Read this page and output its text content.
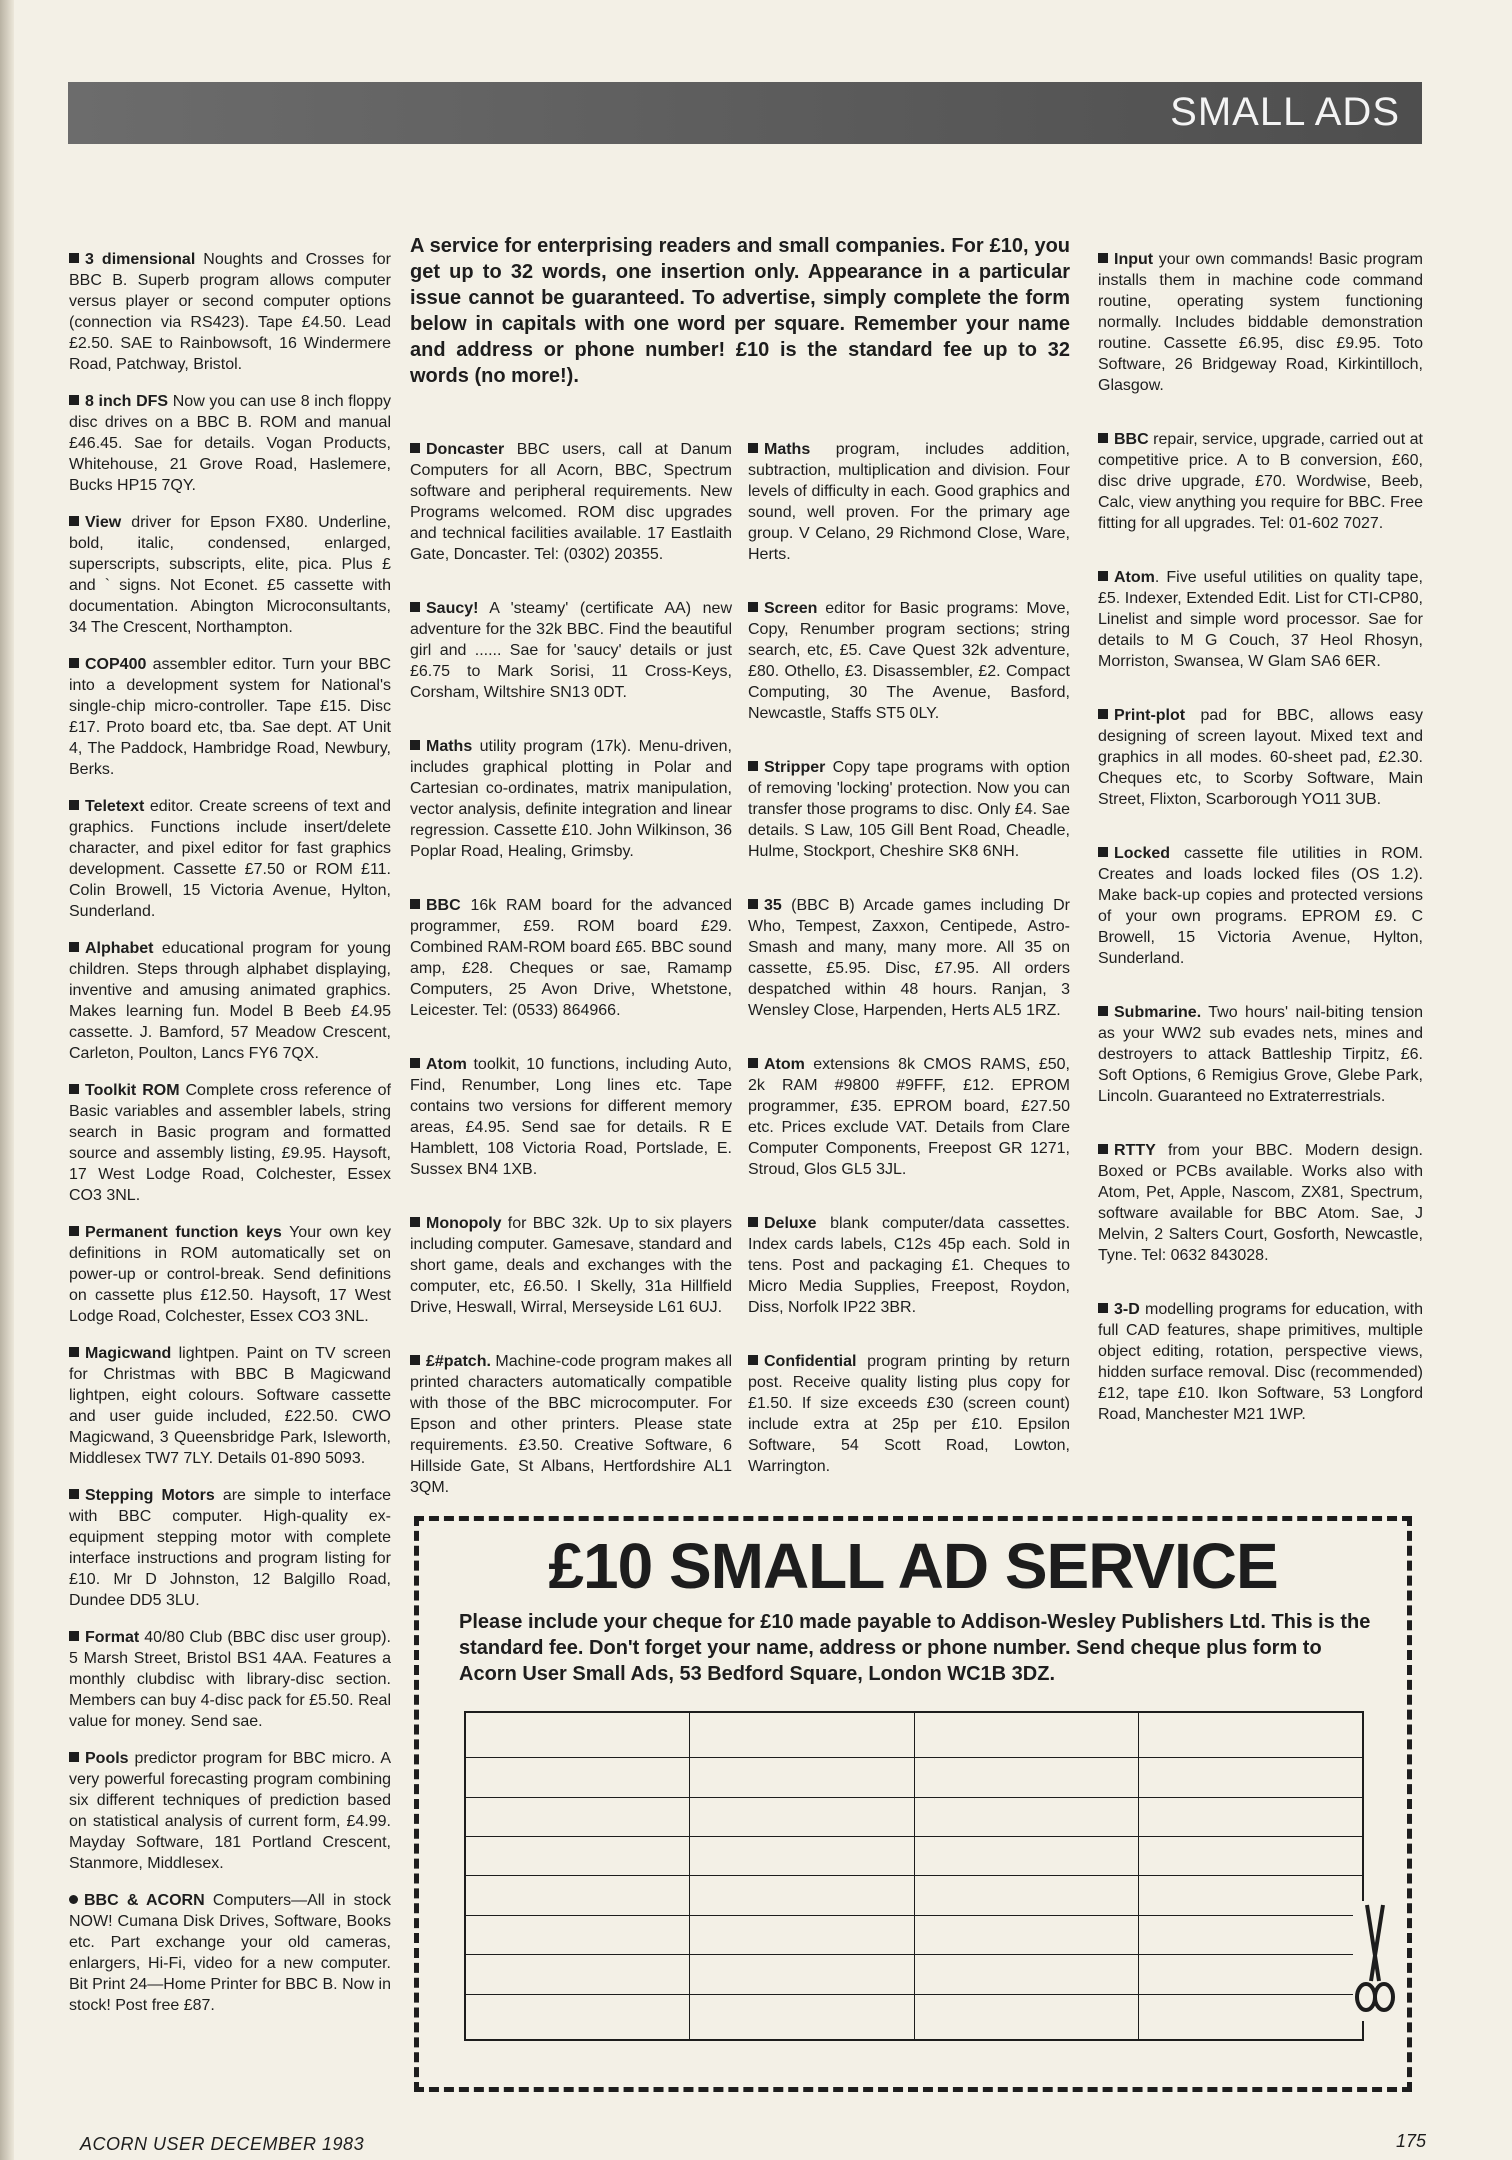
SMALL ADS

3 dimensional Noughts and Crosses for BBC B. Superb program allows computer versus player or second computer options (connection via RS423). Tape £4.50. Lead £2.50. SAE to Rainbowsoft, 16 Windermere Road, Patchway, Bristol.

8 inch DFS Now you can use 8 inch floppy disc drives on a BBC B. ROM and manual £46.45. Sae for details. Vogan Products, Whitehouse, 21 Grove Road, Haslemere, Bucks HP15 7QY.

View driver for Epson FX80. Underline, bold, italic, condensed, enlarged, superscripts, subscripts, elite, pica. Plus £ and ` signs. Not Econet. £5 cassette with documentation. Abington Microconsultants, 34 The Crescent, Northampton.

COP400 assembler editor. Turn your BBC into a development system for National's single-chip micro-controller. Tape £15. Disc £17. Proto board etc, tba. Sae dept. AT Unit 4, The Paddock, Hambridge Road, Newbury, Berks.

Teletext editor. Create screens of text and graphics. Functions include insert/delete character, and pixel editor for fast graphics development. Cassette £7.50 or ROM £11. Colin Browell, 15 Victoria Avenue, Hylton, Sunderland.

Alphabet educational program for young children. Steps through alphabet displaying, inventive and amusing animated graphics. Makes learning fun. Model B Beeb £4.95 cassette. J. Bamford, 57 Meadow Crescent, Carleton, Poulton, Lancs FY6 7QX.

Toolkit ROM Complete cross reference of Basic variables and assembler labels, string search in Basic program and formatted source and assembly listing, £9.95. Haysoft, 17 West Lodge Road, Colchester, Essex CO3 3NL.

Permanent function keys Your own key definitions in ROM automatically set on power-up or control-break. Send definitions on cassette plus £12.50. Haysoft, 17 West Lodge Road, Colchester, Essex CO3 3NL.

Magicwand lightpen. Paint on TV screen for Christmas with BBC B Magicwand lightpen, eight colours. Software cassette and user guide included, £22.50. CWO Magicwand, 3 Queensbridge Park, Isleworth, Middlesex TW7 7LY. Details 01-890 5093.

Stepping Motors are simple to interface with BBC computer. High-quality ex-equipment stepping motor with complete interface instructions and program listing for £10. Mr D Johnston, 12 Balgillo Road, Dundee DD5 3LU.

Format 40/80 Club (BBC disc user group). 5 Marsh Street, Bristol BS1 4AA. Features a monthly clubdisc with library-disc section. Members can buy 4-disc pack for £5.50. Real value for money. Send sae.

Pools predictor program for BBC micro. A very powerful forecasting program combining six different techniques of prediction based on statistical analysis of current form, £4.99. Mayday Software, 181 Portland Crescent, Stanmore, Middlesex.

BBC & ACORN Computers—All in stock NOW! Cumana Disk Drives, Software, Books etc. Part exchange your old cameras, enlargers, Hi-Fi, video for a new computer. Bit Print 24—Home Printer for BBC B. Now in stock! Post free £87.

A service for enterprising readers and small companies. For £10, you get up to 32 words, one insertion only. Appearance in a particular issue cannot be guaranteed. To advertise, simply complete the form below in capitals with one word per square. Remember your name and address or phone number! £10 is the standard fee up to 32 words (no more!).

Doncaster BBC users, call at Danum Computers for all Acorn, BBC, Spectrum software and peripheral requirements. New Programs welcomed. ROM disc upgrades and technical facilities available. 17 Eastlaith Gate, Doncaster. Tel: (0302) 20355.

Saucy! A 'steamy' (certificate AA) new adventure for the 32k BBC. Find the beautiful girl and ...... Sae for 'saucy' details or just £6.75 to Mark Sorisi, 11 Cross-Keys, Corsham, Wiltshire SN13 0DT.

Maths utility program (17k). Menu-driven, includes graphical plotting in Polar and Cartesian co-ordinates, matrix manipulation, vector analysis, definite integration and linear regression. Cassette £10. John Wilkinson, 36 Poplar Road, Healing, Grimsby.

BBC 16k RAM board for the advanced programmer, £59. ROM board £29. Combined RAM-ROM board £65. BBC sound amp, £28. Cheques or sae, Ramamp Computers, 25 Avon Drive, Whetstone, Leicester. Tel: (0533) 864966.

Atom toolkit, 10 functions, including Auto, Find, Renumber, Long lines etc. Tape contains two versions for different memory areas, £4.95. Send sae for details. R E Hamblett, 108 Victoria Road, Portslade, E. Sussex BN4 1XB.

Monopoly for BBC 32k. Up to six players including computer. Gamesave, standard and short game, deals and exchanges with the computer, etc, £6.50. I Skelly, 31a Hillfield Drive, Heswall, Wirral, Merseyside L61 6UJ.

£#patch. Machine-code program makes all printed characters automatically compatible with those of the BBC microcomputer. For Epson and other printers. Please state requirements. £3.50. Creative Software, 6 Hillside Gate, St Albans, Hertfordshire AL1 3QM.

Maths program, includes addition, subtraction, multiplication and division. Four levels of difficulty in each. Good graphics and sound, well proven. For the primary age group. V Celano, 29 Richmond Close, Ware, Herts.

Screen editor for Basic programs: Move, Copy, Renumber program sections; string search, etc, £5. Cave Quest 32k adventure, £80. Othello, £3. Disassembler, £2. Compact Computing, 30 The Avenue, Basford, Newcastle, Staffs ST5 0LY.

Stripper Copy tape programs with option of removing 'locking' protection. Now you can transfer those programs to disc. Only £4. Sae details. S Law, 105 Gill Bent Road, Cheadle, Hulme, Stockport, Cheshire SK8 6NH.

35 (BBC B) Arcade games including Dr Who, Tempest, Zaxxon, Centipede, Astro-Smash and many, many more. All 35 on cassette, £5.95. Disc, £7.95. All orders despatched within 48 hours. Ranjan, 3 Wensley Close, Harpenden, Herts AL5 1RZ.

Atom extensions 8k CMOS RAMS, £50, 2k RAM #9800 #9FFF, £12. EPROM programmer, £35. EPROM board, £27.50 etc. Prices exclude VAT. Details from Clare Computer Components, Freepost GR 1271, Stroud, Glos GL5 3JL.

Deluxe blank computer/data cassettes. Index cards labels, C12s 45p each. Sold in tens. Post and packaging £1. Cheques to Micro Media Supplies, Freepost, Roydon, Diss, Norfolk IP22 3BR.

Confidential program printing by return post. Receive quality listing plus copy for £1.50. If size exceeds £30 (screen count) include extra at 25p per £10. Epsilon Software, 54 Scott Road, Lowton, Warrington.

Input your own commands! Basic program installs them in machine code command routine, operating system functioning normally. Includes biddable demonstration routine. Cassette £6.95, disc £9.95. Toto Software, 26 Bridgeway Road, Kirkintilloch, Glasgow.

BBC repair, service, upgrade, carried out at competitive price. A to B conversion, £60, disc drive upgrade, £70. Wordwise, Beeb, Calc, view anything you require for BBC. Free fitting for all upgrades. Tel: 01-602 7027.

Atom. Five useful utilities on quality tape, £5. Indexer, Extended Edit. List for CTI-CP80, Linelist and simple word processor. Sae for details to M G Couch, 37 Heol Rhosyn, Morriston, Swansea, W Glam SA6 6ER.

Print-plot pad for BBC, allows easy designing of screen layout. Mixed text and graphics in all modes. 60-sheet pad, £2.30. Cheques etc, to Scorby Software, Main Street, Flixton, Scarborough YO11 3UB.

Locked cassette file utilities in ROM. Creates and loads locked files (OS 1.2). Make back-up copies and protected versions of your own programs. EPROM £9. C Browell, 15 Victoria Avenue, Hylton, Sunderland.

Submarine. Two hours' nail-biting tension as your WW2 sub evades nets, mines and destroyers to attack Battleship Tirpitz, £6. Soft Options, 6 Remigius Grove, Glebe Park, Lincoln. Guaranteed no Extraterrestrials.

RTTY from your BBC. Modern design. Boxed or PCBs available. Works also with Atom, Pet, Apple, Nascom, ZX81, Spectrum, software available for BBC Atom. Sae, J Melvin, 2 Salters Court, Gosforth, Newcastle, Tyne. Tel: 0632 843028.

3-D modelling programs for education, with full CAD features, shape primitives, multiple object editing, rotation, perspective views, hidden surface removal. Disc (recommended) £12, tape £10. Ikon Software, 53 Longford Road, Manchester M21 1WP.

£10 SMALL AD SERVICE
Please include your cheque for £10 made payable to Addison-Wesley Publishers Ltd. This is the standard fee. Don't forget your name, address or phone number. Send cheque plus form to Acorn User Small Ads, 53 Bedford Square, London WC1B 3DZ.

ACORN USER DECEMBER 1983	175
